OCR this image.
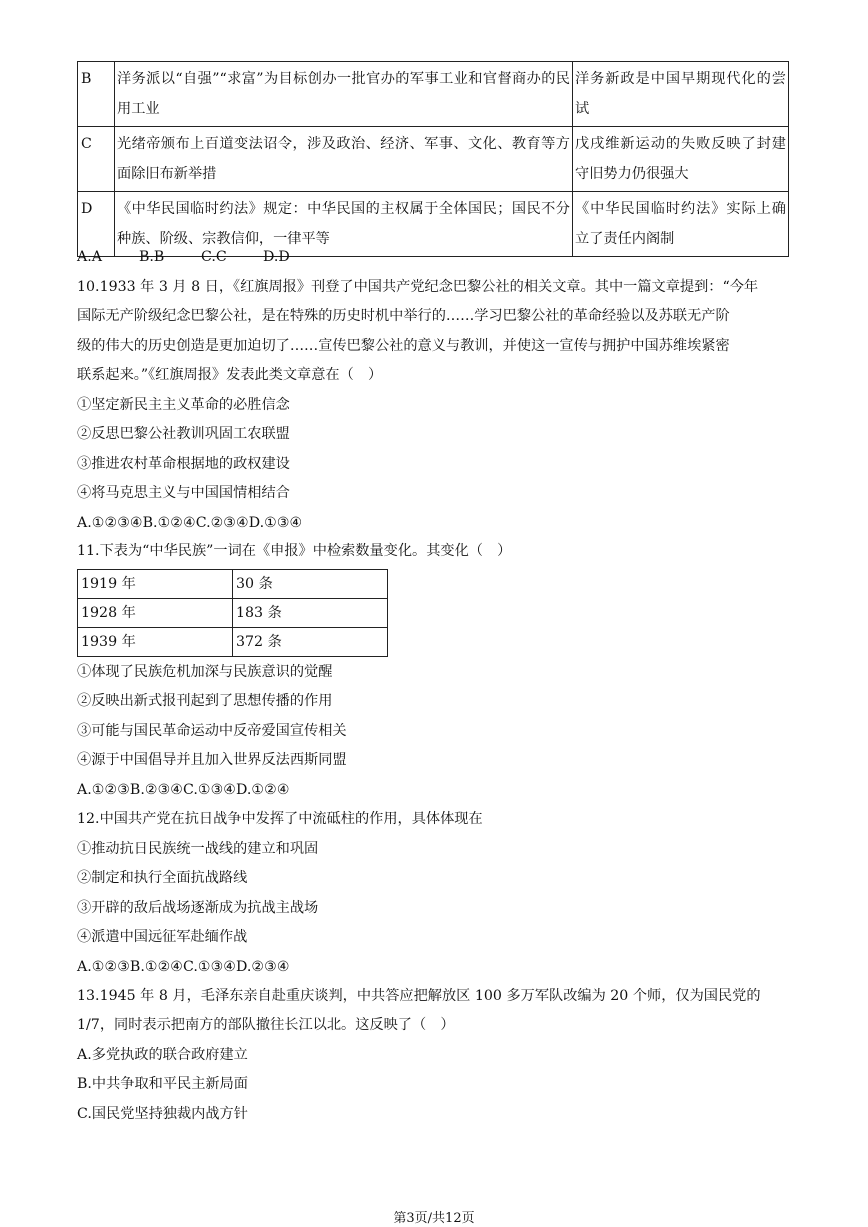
B	洋务派以“自强”“求富”为目标创办一批官办的军事工业和官督商办的民用工业	洋务新政是中国早期现代化的尝试
C	光绪帝颁布上百道变法诏令，涉及政治、经济、军事、文化、教育等方面除旧布新举措	戊戌维新运动的失败反映了封建守旧势力仍很强大
D	《中华民国临时约法》规定：中华民国的主权属于全体国民；国民不分种族、阶级、宗教信仰，一律平等	《中华民国临时约法》实际上确立了责任内阁制
A.A	B.B	C.C	D.D
10.1933 年 3 月 8 日，《红旗周报》刊登了中国共产党纪念巴黎公社的相关文章。其中一篇文章提到：“今年
国际无产阶级纪念巴黎公社，是在特殊的历史时机中举行的……学习巴黎公社的革命经验以及苏联无产阶
级的伟大的历史创造是更加迫切了……宣传巴黎公社的意义与教训，并使这一宣传与拥护中国苏维埃紧密
联系起来。”《红旗周报》发表此类文章意在（　）
①坚定新民主主义革命的必胜信念
②反思巴黎公社教训巩固工农联盟
③推进农村革命根据地的政权建设
④将马克思主义与中国国情相结合
A.①②③④B.①②④C.②③④D.①③④
11.下表为“中华民族”一词在《申报》中检索数量变化。其变化（　）
1919 年	30 条
1928 年	183 条
1939 年	372 条
①体现了民族危机加深与民族意识的觉醒
②反映出新式报刊起到了思想传播的作用
③可能与国民革命运动中反帝爱国宣传相关
④源于中国倡导并且加入世界反法西斯同盟
A.①②③B.②③④C.①③④D.①②④
12.中国共产党在抗日战争中发挥了中流砥柱的作用，具体体现在
①推动抗日民族统一战线的建立和巩固
②制定和执行全面抗战路线
③开辟的敌后战场逐渐成为抗战主战场
④派遣中国远征军赴缅作战
A.①②③B.①②④C.①③④D.②③④
13.1945 年 8 月，毛泽东亲自赴重庆谈判，中共答应把解放区 100 多万军队改编为 20 个师，仅为国民党的
1/7，同时表示把南方的部队撤往长江以北。这反映了（　）
A.多党执政的联合政府建立
B.中共争取和平民主新局面
C.国民党坚持独裁内战方针
第3页/共12页
